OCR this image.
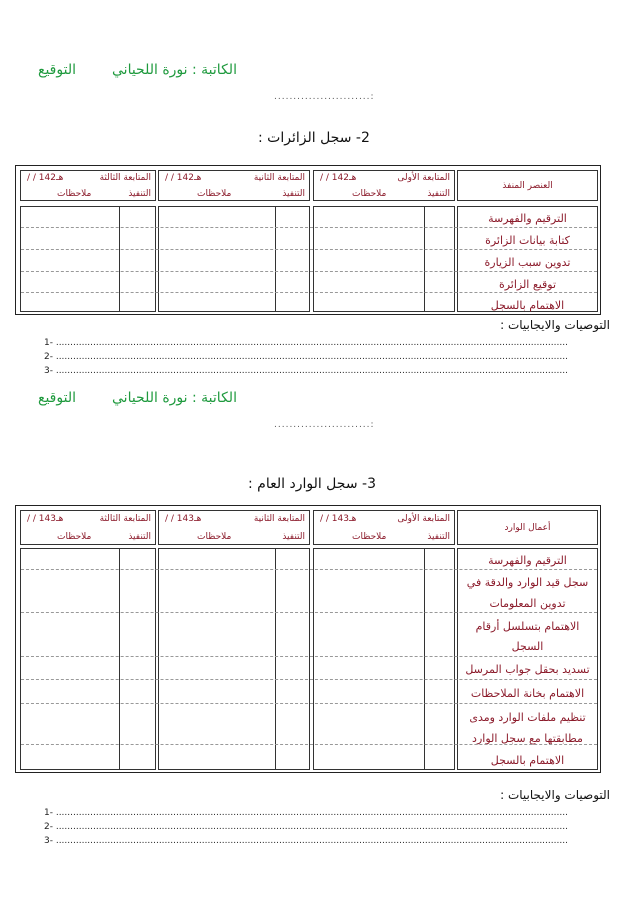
التوقيع	الكاتبة : نورة اللحياني
.........................:
2- سجل الزائرات :
العنصر المنفذ
المتابعة الأولى
/ / 142هـ
التنفيذ
ملاحظات
المتابعة الثانية
/ / 142هـ
التنفيذ
ملاحظات
المتابعة الثالثة
/ / 142هـ
التنفيذ
ملاحظات
الترقيم والفهرسة
كتابة بيانات الزائرة
تدوين سبب الزيارة
توقيع الزائرة
الاهتمام بالسجل
التوصيات والايجابيات :
1- ...................................................................................................................................................................................
2- ...................................................................................................................................................................................
3- ...................................................................................................................................................................................
التوقيع	الكاتبة : نورة اللحياني
.........................:
3- سجل الوارد العام :
أعمال الوارد
المتابعة الأولى
/ / 143هـ
التنفيذ
ملاحظات
المتابعة الثانية
/ / 143هـ
التنفيذ
ملاحظات
المتابعة الثالثة
/ / 143هـ
التنفيذ
ملاحظات
الترقيم والفهرسة
سجل قيد الوارد والدقة في
تدوين المعلومات
الاهتمام بتسلسل أرقام
السجل
تسديد بحقل جواب المرسل
الاهتمام بخانة الملاحظات
تنظيم ملفات الوارد ومدى
مطابقتها مع سجل الوارد
الاهتمام بالسجل
التوصيات والايجابيات :
1- ...................................................................................................................................................................................
2- ...................................................................................................................................................................................
3- ...................................................................................................................................................................................
